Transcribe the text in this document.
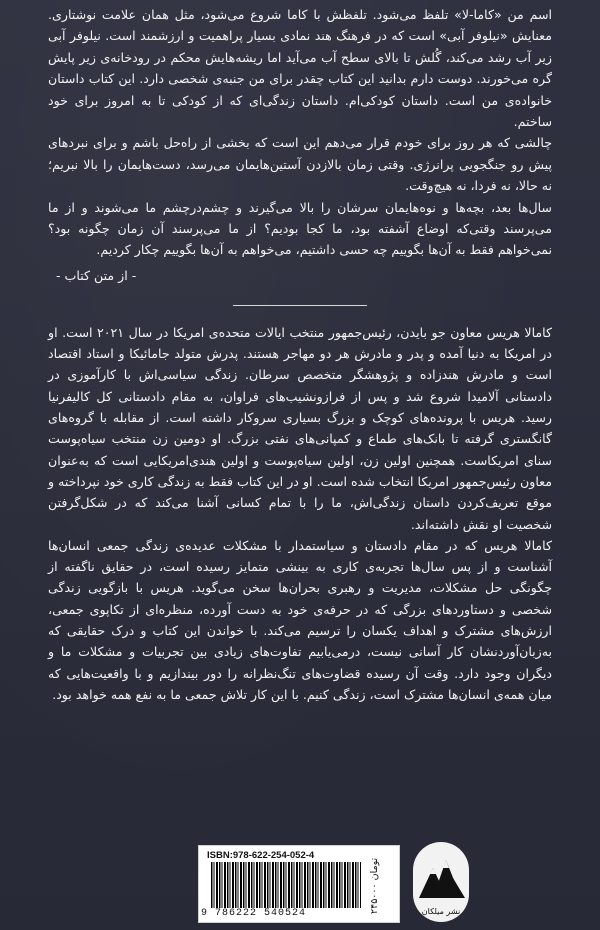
اسم من «کاما-لا» تلفظ می‌شود. تلفظش با کاما شروع می‌شود، مثل همان علامت نوشتاری. معنایش «نیلوفر آبی» است که در فرهنگ هند نمادی بسیار پراهمیت و ارزشمند است. نیلوفر آبی زیر آب رشد می‌کند، گُلش تا بالای سطح آب می‌آید اما ریشه‌هایش محکم در رودخانه‌ی زیر پایش گره می‌خورند. دوست دارم بدانید این کتاب چقدر برای من جنبه‌ی شخصی دارد. این کتاب داستان خانواده‌ی من است. داستان کودکی‌ام. داستان زندگی‌ای که از کودکی تا به امروز برای خود ساختم.

چالشی که هر روز برای خودم قرار می‌دهم این است که بخشی از راه‌حل باشم و برای نبردهای پیش رو جنگجویی پرانرژی. وقتی زمان بالازدن آستین‌هایمان می‌رسد، دست‌هایمان را بالا نبریم؛ نه حالا، نه فردا، نه هیچ‌وقت.

سال‌ها بعد، بچه‌ها و نوه‌هایمان سرشان را بالا می‌گیرند و چشم‌درچشم ما می‌شوند و از ما می‌پرسند وقتی‌که اوضاع آشفته بود، ما کجا بودیم؟ از ما می‌پرسند آن زمان چگونه بود؟ نمی‌خواهم فقط به آن‌ها بگوییم چه حسی داشتیم، می‌خواهم به آن‌ها بگوییم چکار کردیم.

- از متن کتاب -

کامالا هریس معاون جو بایدن، رئیس‌جمهور منتخب ایالات متحده‌ی امریکا در سال ۲۰۲۱ است. او در امریکا به دنیا آمده و پدر و مادرش هر دو مهاجر هستند. پدرش متولد جامائیکا و استاد اقتصاد است و مادرش هندزاده و پژوهشگر متخصص سرطان. زندگی سیاسی‌اش با کارآموزی در دادستانی آلامیدا شروع شد و پس از فرازونشیب‌های فراوان، به مقام دادستانی کل کالیفرنیا رسید. هریس با پرونده‌های کوچک و بزرگ بسیاری سروکار داشته است. از مقابله با گروه‌های گانگستری گرفته تا بانک‌های طماع و کمپانی‌های نفتی بزرگ. او دومین زن منتخب سیاه‌پوست سنای امریکاست. همچنین اولین زن، اولین سیاه‌پوست و اولین هندی‌امریکایی است که به‌عنوان معاون رئیس‌جمهور امریکا انتخاب شده است. او در این کتاب فقط به زندگی کاری خود نپرداخته و موقع تعریف‌کردن داستان زندگی‌اش، ما را با تمام کسانی آشنا می‌کند که در شکل‌گرفتن شخصیت او نقش داشته‌اند.

کامالا هریس که در مقام دادستان و سیاستمدار با مشکلات عدیده‌ی زندگی جمعی انسان‌ها آشناست و از پس سال‌ها تجربه‌ی کاری به بینشی متمایز رسیده است، در حقایق ناگفته از چگونگی حل مشکلات، مدیریت و رهبری بحران‌ها سخن می‌گوید. هریس با بازگویی زندگی شخصی و دستاوردهای بزرگی که در حرفه‌ی خود به دست آورده، منظره‌ای از تکاپوی جمعی، ارزش‌های مشترک و اهداف یکسان را ترسیم می‌کند. با خواندن این کتاب و درک حقایقی که به‌زبان‌آوردنشان کار آسانی نیست، درمی‌یابیم تفاوت‌های زیادی بین تجربیات و مشکلات ما و دیگران وجود دارد. وقت آن رسیده قضاوت‌های تنگ‌نظرانه را دور بیندازیم و با واقعیت‌هایی که میان همه‌ی انسان‌ها مشترک است، زندگی کنیم. با این کار تلاش جمعی ما به نفع همه خواهد بود.

ISBN:978-622-254-052-4
9 786222 540524	۲۴۵۰۰۰ تومان
نشر میلکان
